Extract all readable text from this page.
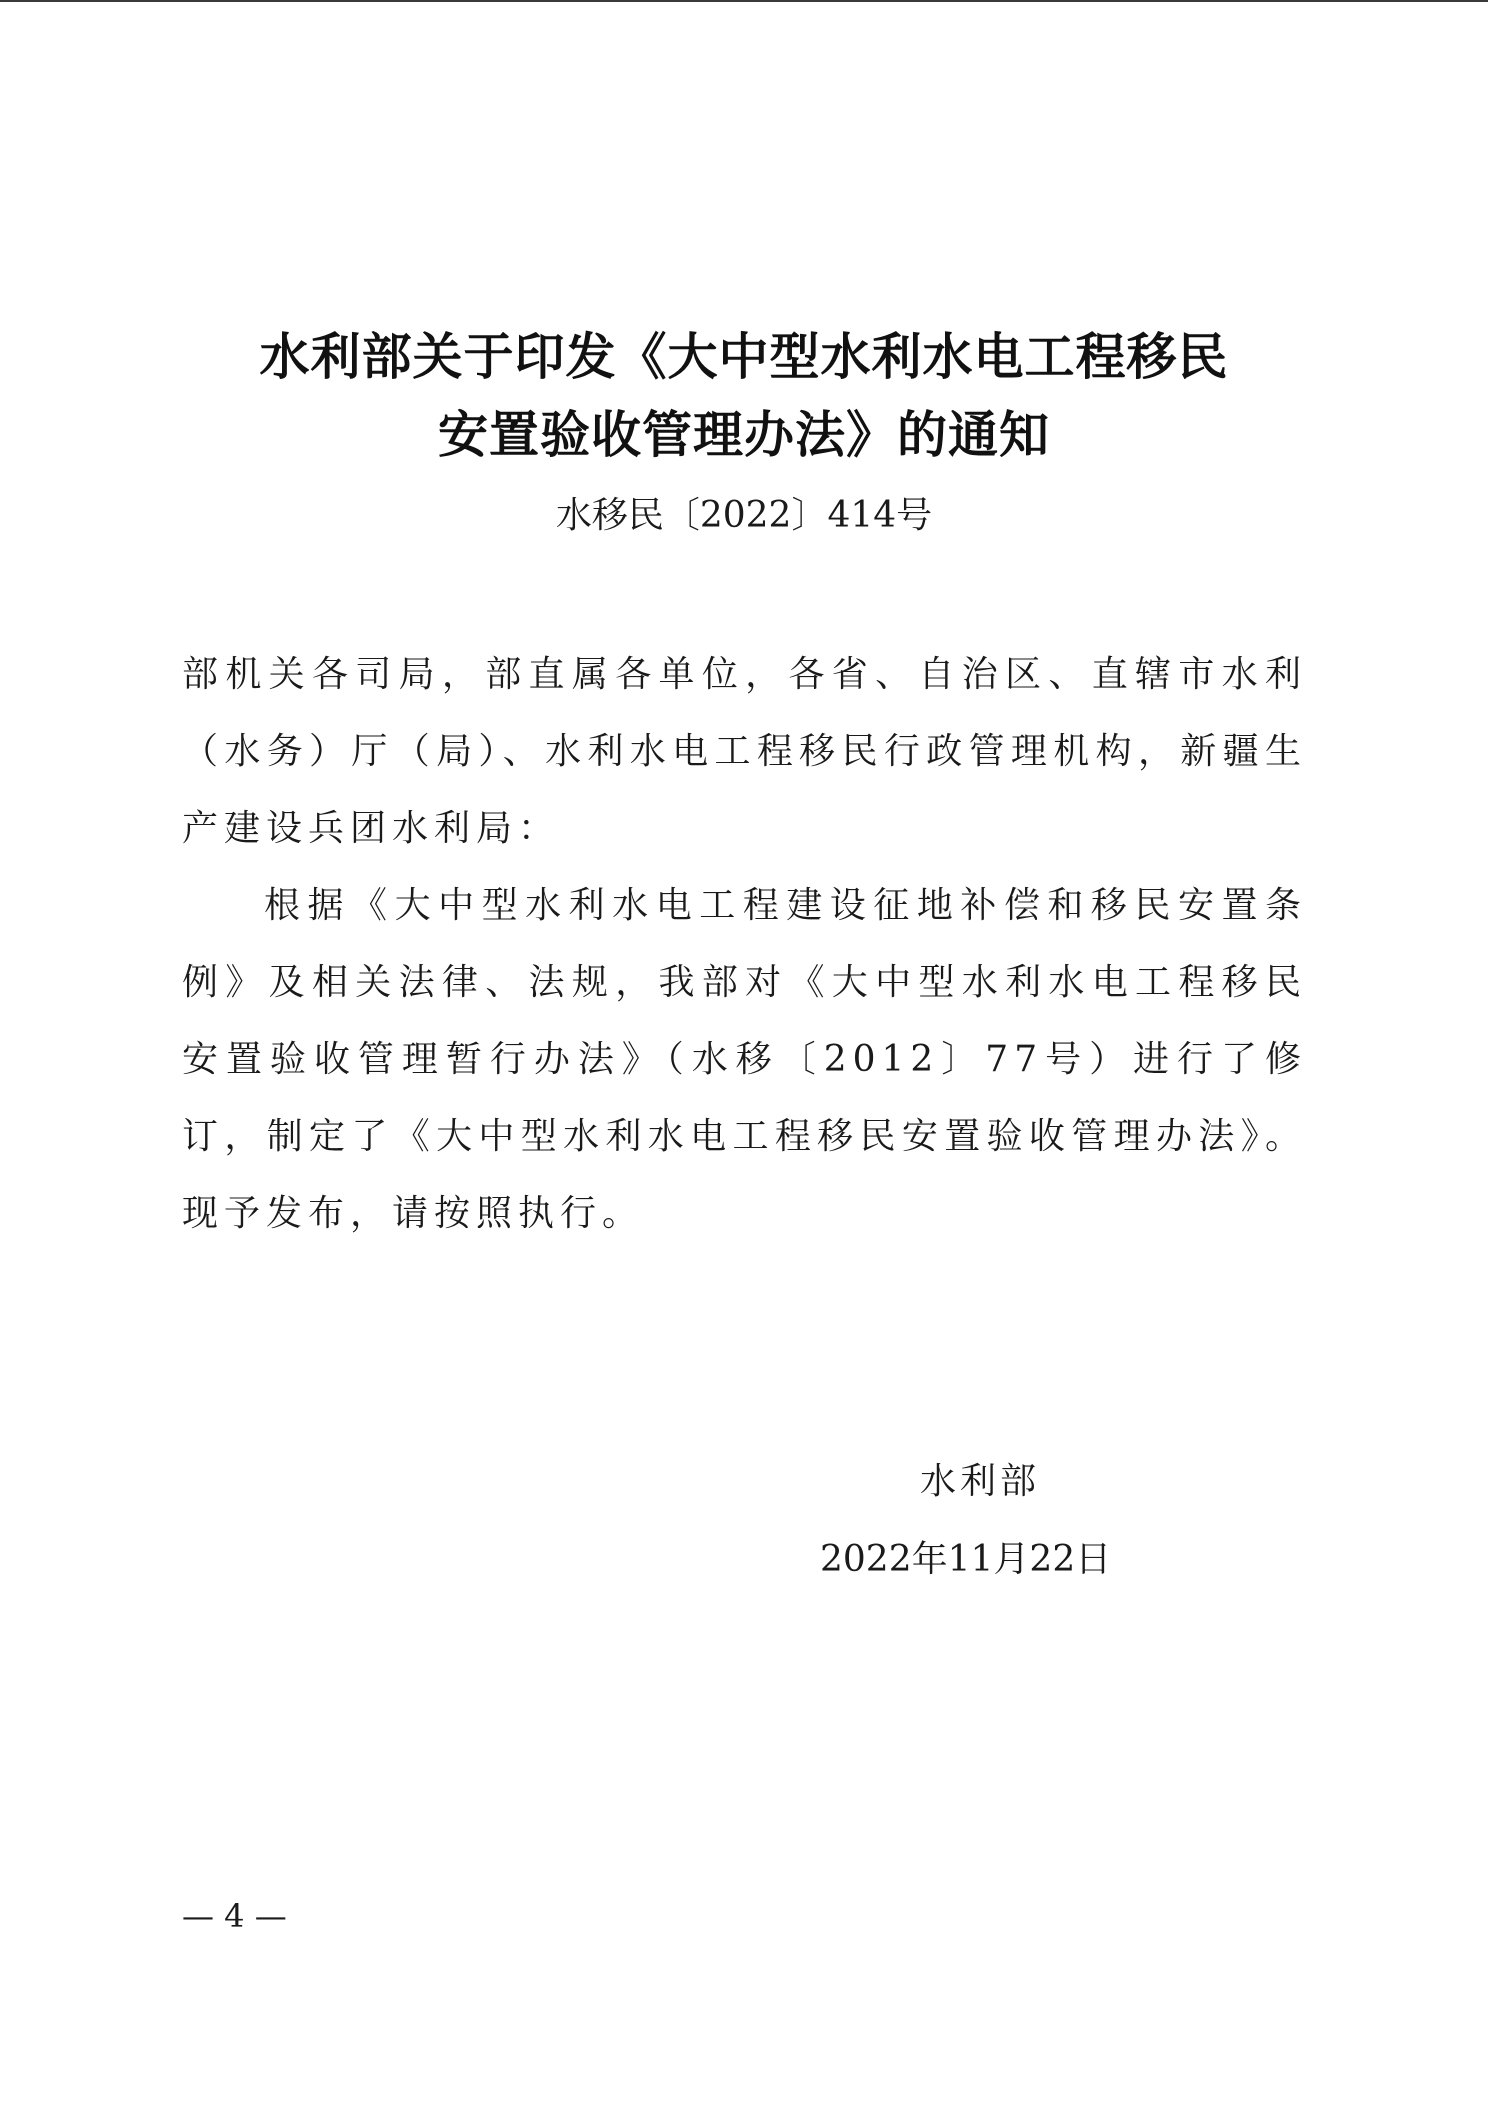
水利部关于印发《大中型水利水电工程移民
安置验收管理办法》的通知
水移民〔2022〕414号

部机关各司局，部直属各单位，各省、自治区、直辖市水利（水务）厅（局）、水利水电工程移民行政管理机构，新疆生产建设兵团水利局：

根据《大中型水利水电工程建设征地补偿和移民安置条例》及相关法律、法规，我部对《大中型水利水电工程移民安置验收管理暂行办法》（水移〔2012〕77号）进行了修订，制定了《大中型水利水电工程移民安置验收管理办法》。现予发布，请按照执行。

水利部
2022年11月22日
— 4 —
